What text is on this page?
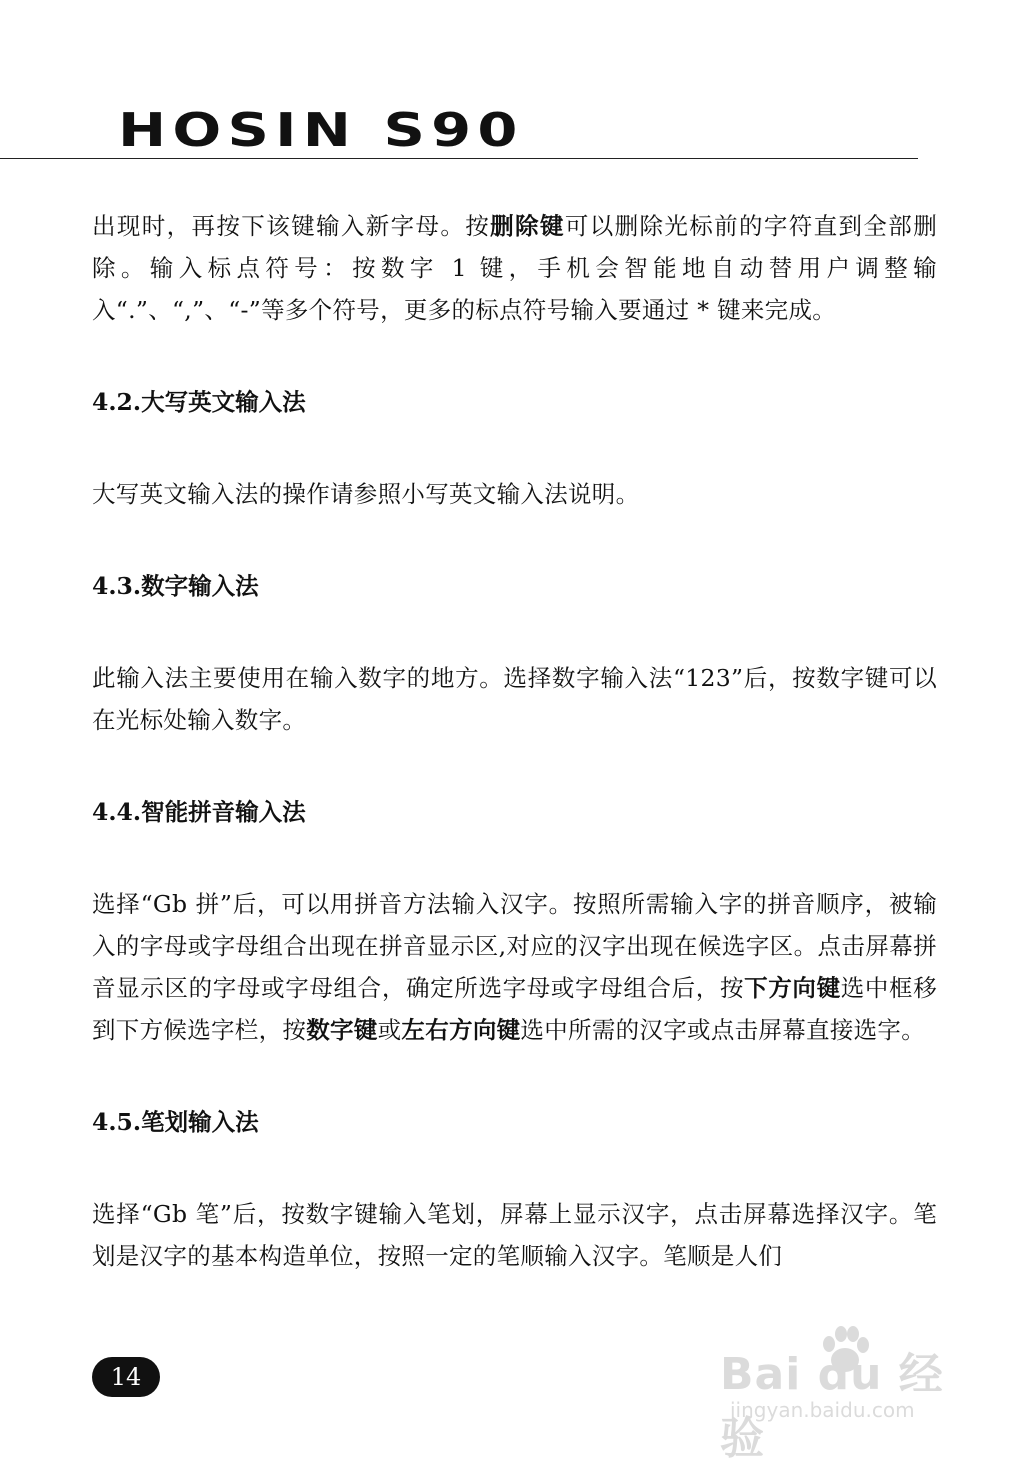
HOSIN S90

出现时，再按下该键输入新字母。按删除键可以删除光标前的字符直到全部删除。输入标点符号：按数字 1 键，手机会智能地自动替用户调整输入“.”、“,”、“-”等多个符号，更多的标点符号输入要通过 * 键来完成。

4.2.大写英文输入法

大写英文输入法的操作请参照小写英文输入法说明。

4.3.数字输入法

此输入法主要使用在输入数字的地方。选择数字输入法“123”后，按数字键可以在光标处输入数字。

4.4.智能拼音输入法

选择“Gb 拼”后，可以用拼音方法输入汉字。按照所需输入字的拼音顺序，被输入的字母或字母组合出现在拼音显示区,对应的汉字出现在候选字区。点击屏幕拼音显示区的字母或字母组合，确定所选字母或字母组合后，按下方向键选中框移到下方候选字栏，按数字键或左右方向键选中所需的汉字或点击屏幕直接选字。

4.5.笔划输入法

选择“Gb 笔”后，按数字键输入笔划，屏幕上显示汉字，点击屏幕选择汉字。笔划是汉字的基本构造单位，按照一定的笔顺输入汉字。笔顺是人们

14	Bai du 经验
jingyan.baidu.com
